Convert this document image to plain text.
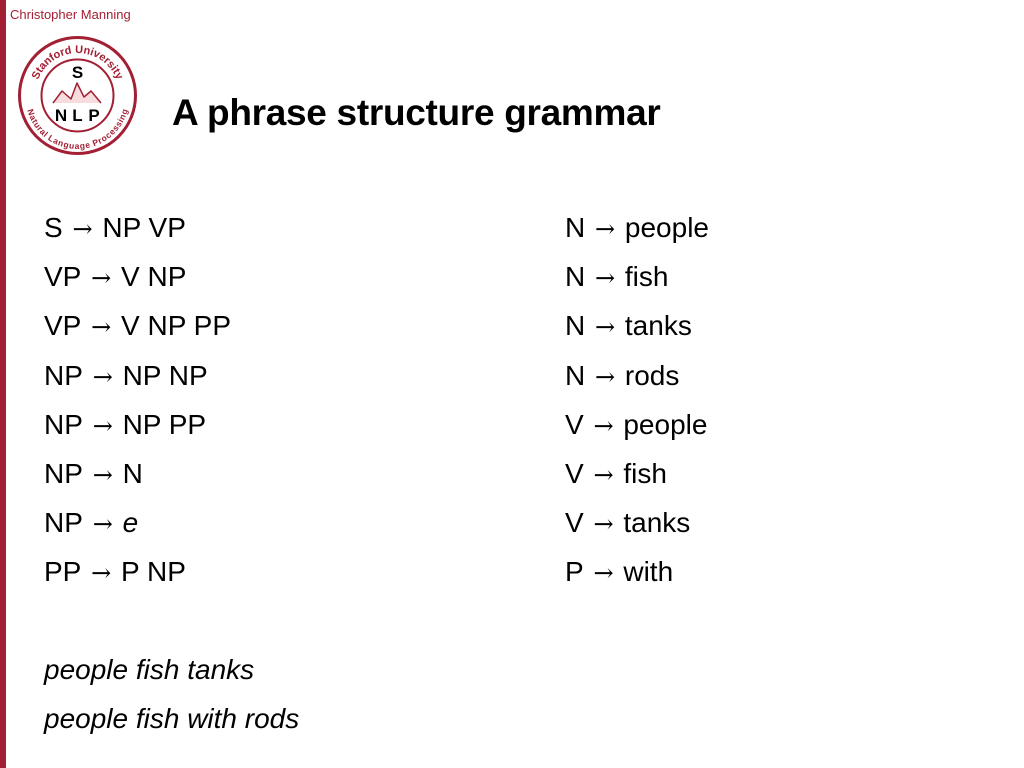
Christopher Manning
Stanford University
Natural Language Processing
S
N L P A phrase structure grammar
S → NP VP
VP → V NP
VP → V NP PP
NP → NP NP
NP → NP PP
NP → N
NP → e
PP → P NP
N → people
N → fish
N → tanks
N → rods
V → people
V → fish
V → tanks
P → with
people fish tanks
people fish with rods
